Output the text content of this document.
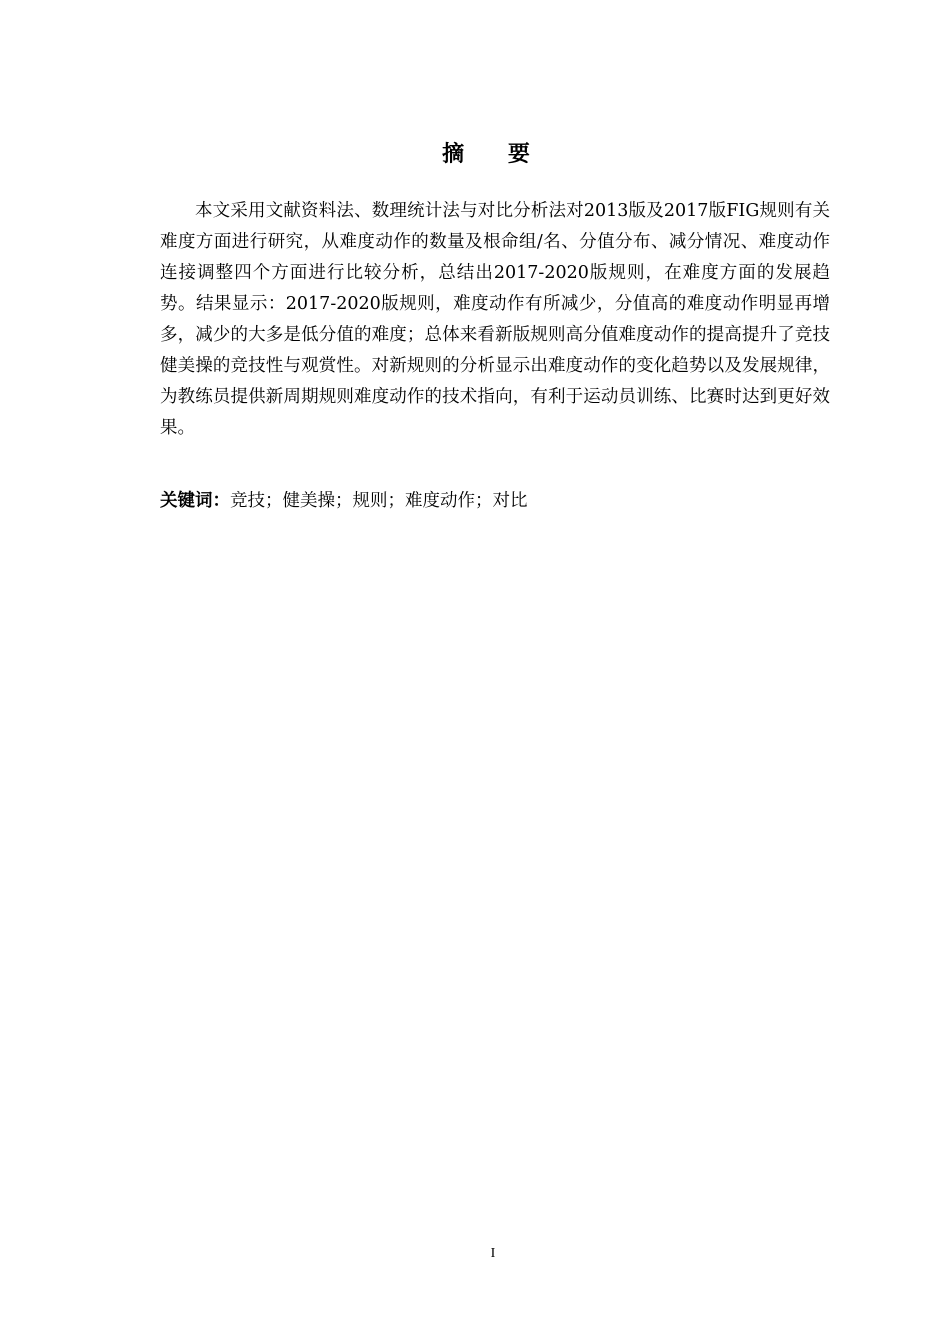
摘 要

本文采用文献资料法、数理统计法与对比分析法对2013版及2017版FIG规则有关难度方面进行研究，从难度动作的数量及根命组/名、分值分布、减分情况、难度动作连接调整四个方面进行比较分析，总结出2017-2020版规则，在难度方面的发展趋势。结果显示：2017-2020版规则，难度动作有所减少，分值高的难度动作明显再增多，减少的大多是低分值的难度；总体来看新版规则高分值难度动作的提高提升了竞技健美操的竞技性与观赏性。对新规则的分析显示出难度动作的变化趋势以及发展规律，为教练员提供新周期规则难度动作的技术指向，有利于运动员训练、比赛时达到更好效果。

关键词：竞技；健美操；规则；难度动作；对比

I
